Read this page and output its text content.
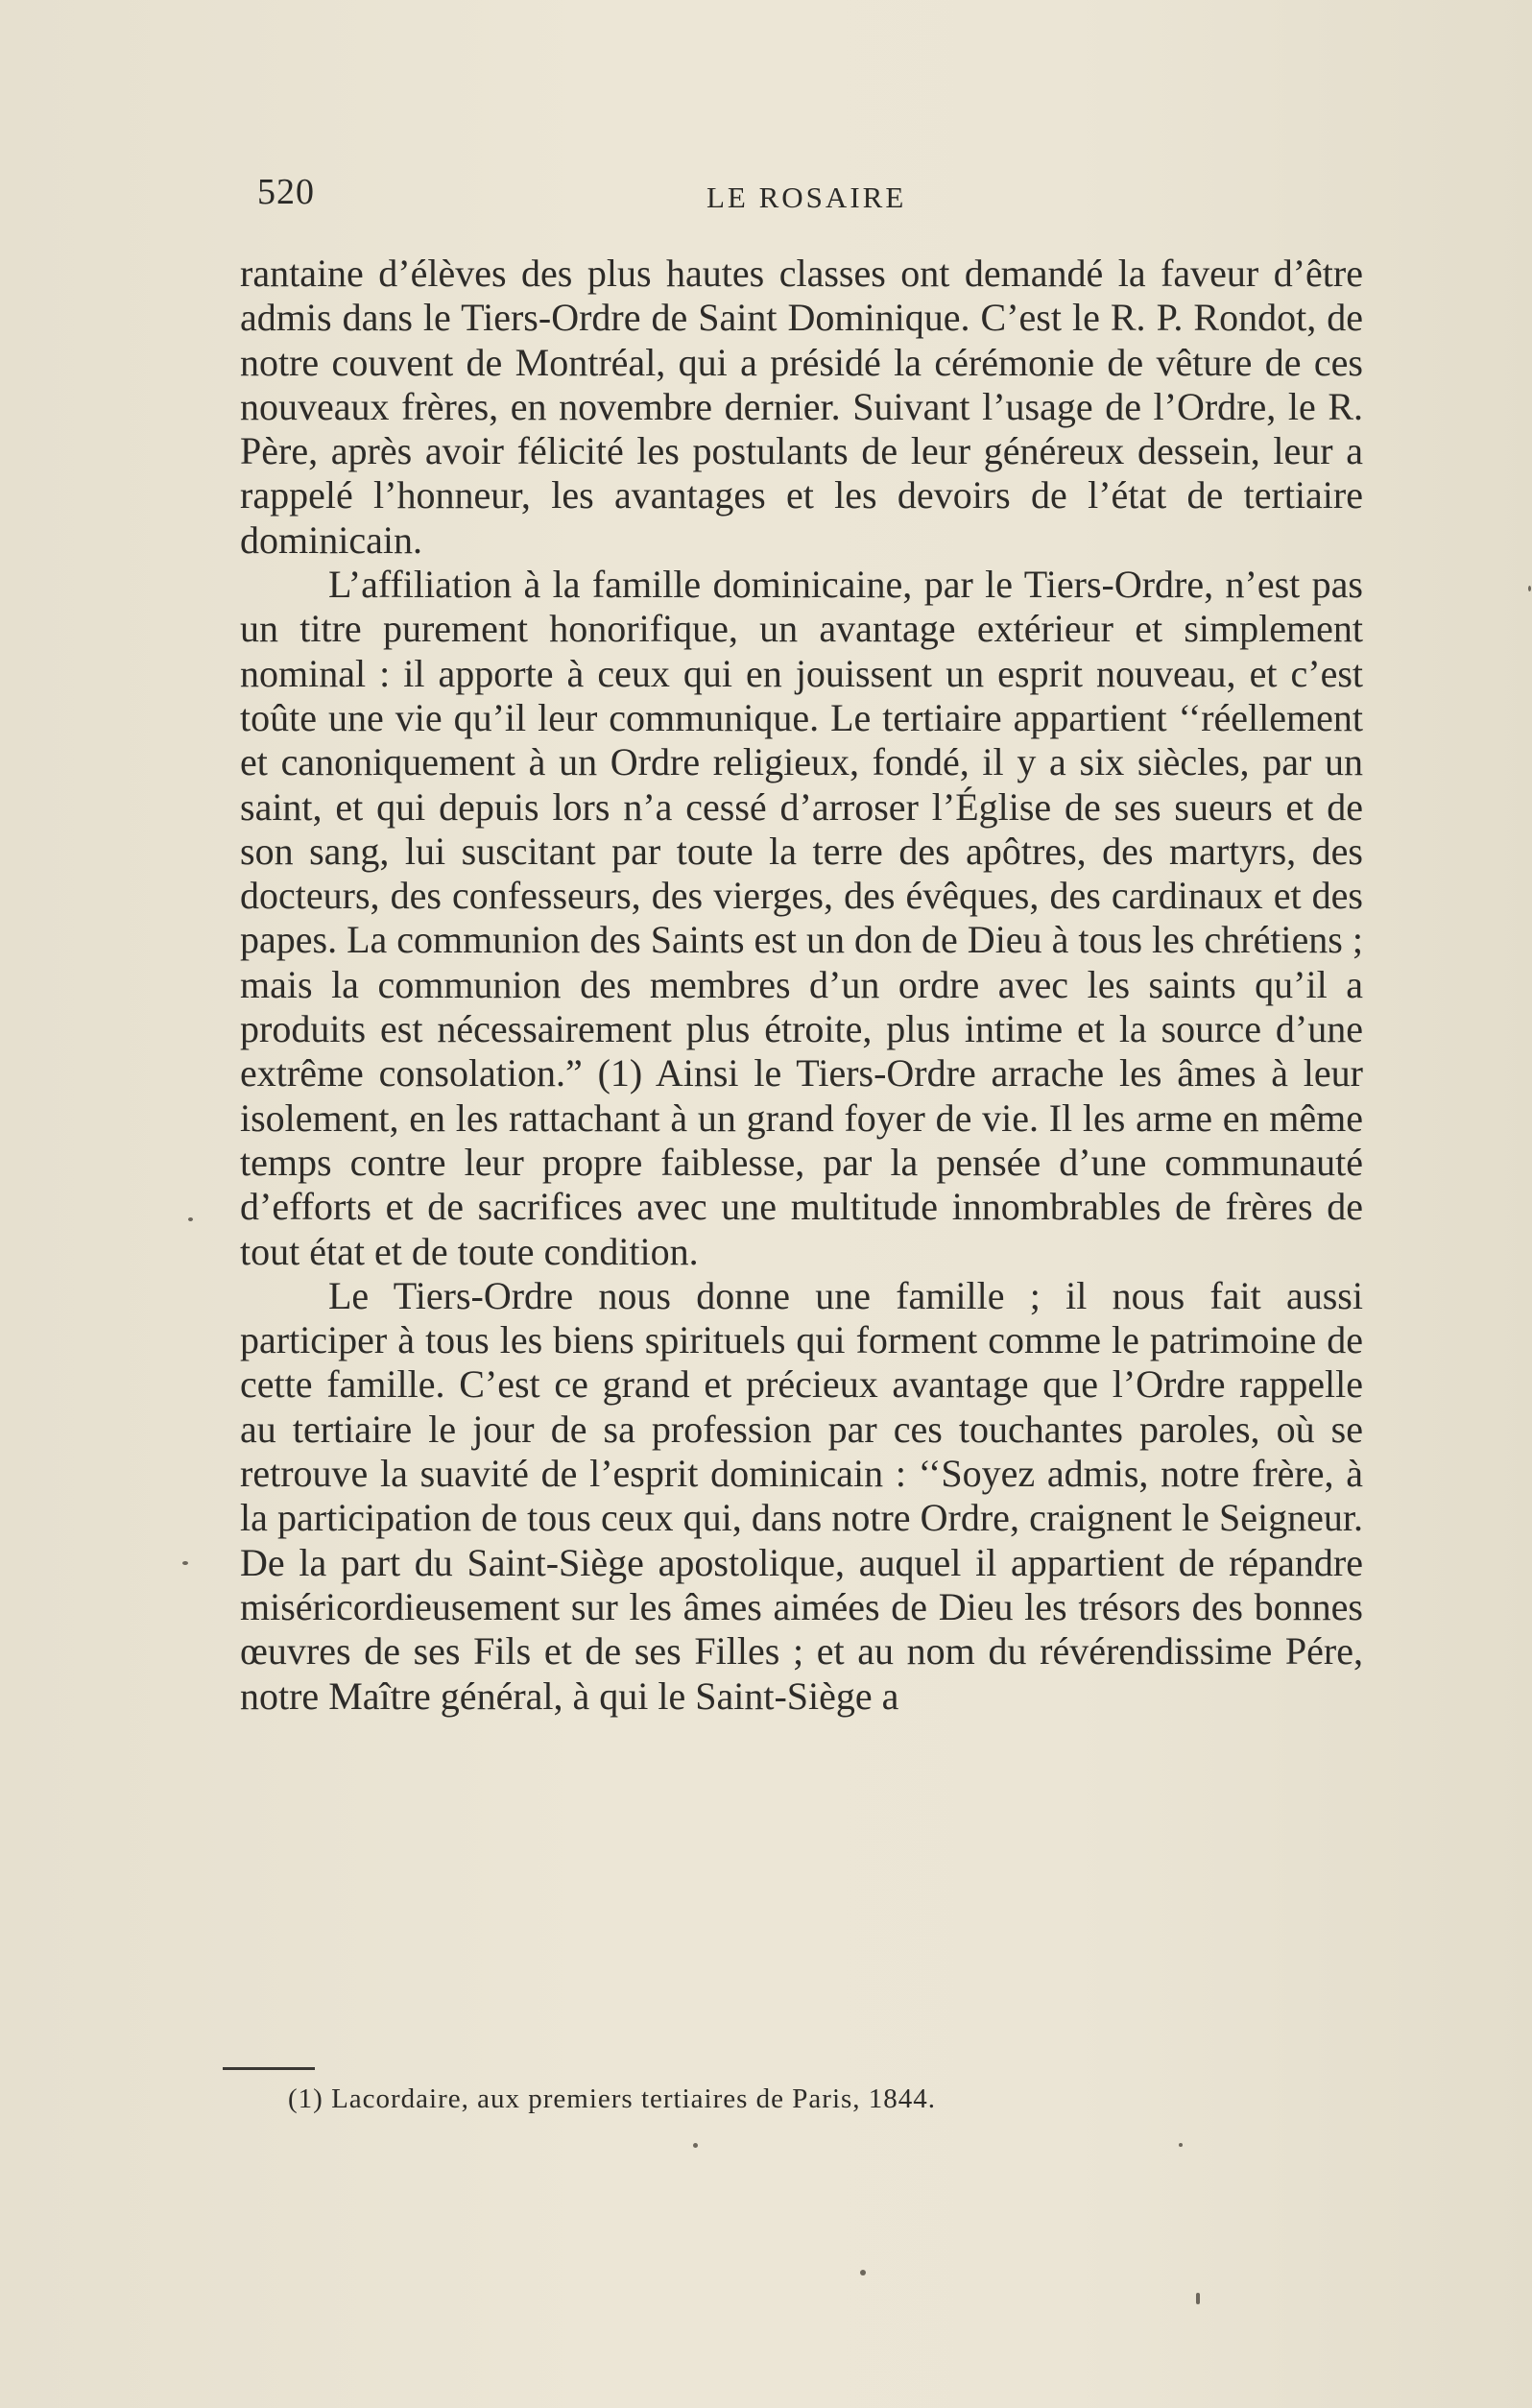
520	LE ROSAIRE

rantaine d’élèves des plus hautes classes ont demandé la faveur d’être admis dans le Tiers-Ordre de Saint Dominique. C’est le R. P. Rondot, de notre couvent de Montréal, qui a présidé la cérémonie de vêture de ces nouveaux frères, en novembre dernier. Suivant l’usage de l’Ordre, le R. Père, après avoir félicité les postulants de leur généreux dessein, leur a rappelé l’honneur, les avantages et les devoirs de l’état de tertiaire dominicain.

L’affiliation à la famille dominicaine, par le Tiers-Ordre, n’est pas un titre purement honorifique, un avantage extérieur et simplement nominal : il apporte à ceux qui en jouissent un esprit nouveau, et c’est toûte une vie qu’il leur communique. Le tertiaire appartient ‘‘réellement et canoniquement à un Ordre religieux, fondé, il y a six siècles, par un saint, et qui depuis lors n’a cessé d’arroser l’Église de ses sueurs et de son sang, lui suscitant par toute la terre des apôtres, des martyrs, des docteurs, des confesseurs, des vierges, des évêques, des cardinaux et des papes. La communion des Saints est un don de Dieu à tous les chrétiens ; mais la communion des membres d’un ordre avec les saints qu’il a produits est nécessairement plus étroite, plus intime et la source d’une extrême consolation.” (1) Ainsi le Tiers-Ordre arrache les âmes à leur isolement, en les rattachant à un grand foyer de vie. Il les arme en même temps contre leur propre faiblesse, par la pensée d’une communauté d’efforts et de sacrifices avec une multitude innombrables de frères de tout état et de toute condition.

Le Tiers-Ordre nous donne une famille ; il nous fait aussi participer à tous les biens spirituels qui forment comme le patrimoine de cette famille. C’est ce grand et précieux avantage que l’Ordre rappelle au tertiaire le jour de sa profession par ces touchantes paroles, où se retrouve la suavité de l’esprit dominicain : ‘‘Soyez admis, notre frère, à la participation de tous ceux qui, dans notre Ordre, craignent le Seigneur. De la part du Saint-Siège apostolique, auquel il appartient de répandre miséricordieusement sur les âmes aimées de Dieu les trésors des bonnes œuvres de ses Fils et de ses Filles ; et au nom du révérendissime Pére, notre Maître général, à qui le Saint-Siège a

(1) Lacordaire, aux premiers tertiaires de Paris, 1844.
